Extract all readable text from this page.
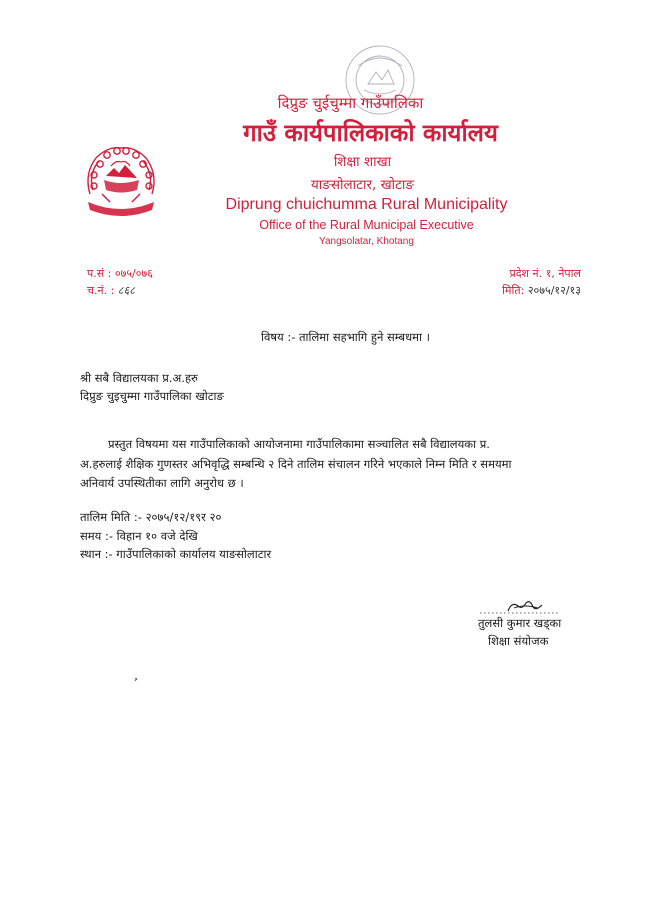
दिप्रुङ चुईचुम्मा गाउँपालिका
गाउँ कार्यपालिकाको कार्यालय
शिक्षा शाखा
याङसोलाटार, खोटाङ
Diprung chuichumma Rural Municipality
Office of the Rural Municipal Executive
Yangsolatar, Khotang
प.सं : ०७५/०७६
च.नं. : ८६८
प्रदेश नं. १, नेपाल
मिति: २०७५/१२/१३
विषय :- तालिमा सहभागि हुने सम्बधमा ।
श्री सबै विद्यालयका प्र.अ.हरु
दिप्रुङ चुइचुम्मा गाउँपालिका खोटाङ

प्रस्तुत विषयमा यस गाउँपालिकाको आयोजनामा गाउँपालिकामा सञ्चालित सबै विद्यालयका प्र.

अ.हरुलाई शैक्षिक गुणस्तर अभिवृद्धि सम्बन्धि २ दिने तालिम संचालन गरिने भएकाले निम्न मिति र समयमा

अनिवार्य उपस्थितीका लागि अनुरोध छ ।

तालिम मिति :- २०७५/१२/१९र २०
समय :- विहान १० वजे देखि
स्थान :- गाउँपालिकाको कार्यालय याङसोलाटार
तुलसी कुमार खड्का
शिक्षा संयोजक
